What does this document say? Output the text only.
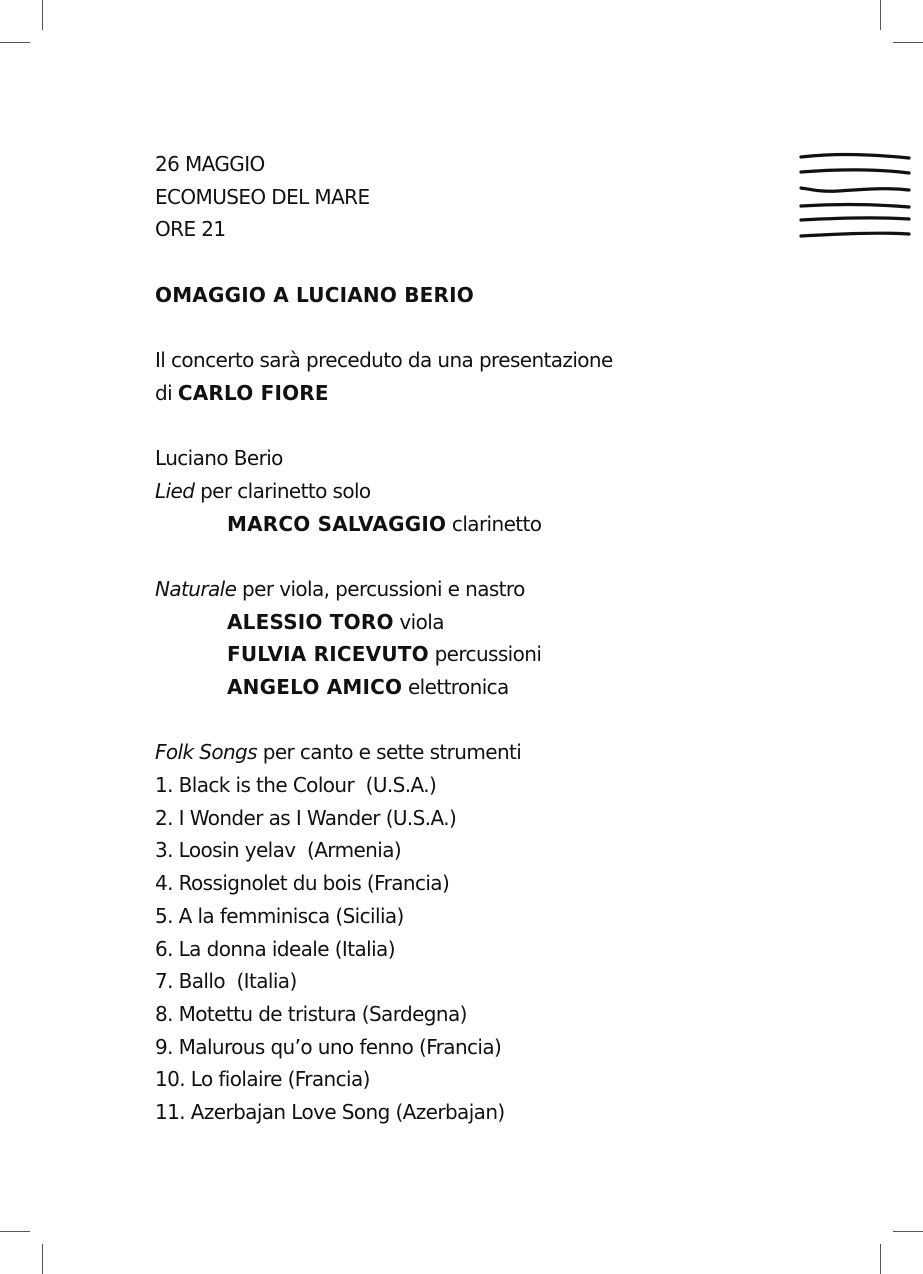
26 MAGGIO
ECOMUSEO DEL MARE
ORE 21
OMAGGIO A LUCIANO BERIO
Il concerto sarà preceduto da una presentazione
di CARLO FIORE
Luciano Berio
Lied per clarinetto solo
MARCO SALVAGGIO clarinetto
Naturale per viola, percussioni e nastro
ALESSIO TORO viola
FULVIA RICEVUTO percussioni
ANGELO AMICO elettronica
Folk Songs per canto e sette strumenti
1. Black is the Colour  (U.S.A.)
2. I Wonder as I Wander (U.S.A.)
3. Loosin yelav  (Armenia)
4. Rossignolet du bois (Francia)
5. A la femminisca (Sicilia)
6. La donna ideale (Italia)
7. Ballo  (Italia)
8. Motettu de tristura (Sardegna)
9. Malurous qu’o uno fenno (Francia)
10. Lo fiolaire (Francia)
11. Azerbajan Love Song (Azerbajan)
